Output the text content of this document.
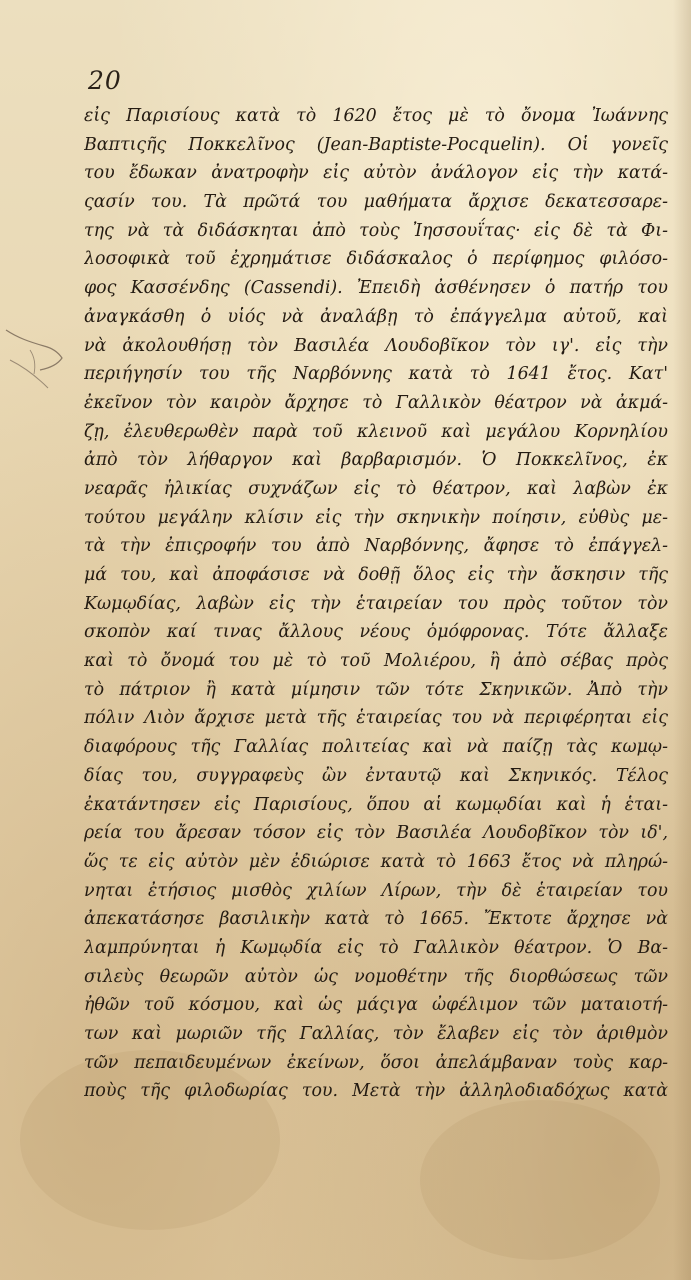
20
εἰς Παρισίους κατὰ τὸ 1620 ἔτος μὲ τὸ ὄνομα Ἰωάννης
Βαπτιςῆς Ποκκελῖνος (Jean-Baptiste-Pocquelin). Οἱ γονεῖς
του ἔδωκαν ἀνατροφὴν εἰς αὐτὸν ἀνάλογον εἰς τὴν κατά-
ςασίν του. Τὰ πρῶτά του μαθήματα ἄρχισε δεκατεσσαρε-
της νὰ τὰ διδάσκηται ἀπὸ τοὺς Ἰησσουΐτας· εἰς δὲ τὰ Φι-
λοσοφικὰ τοῦ ἐχρημάτισε διδάσκαλος ὁ περίφημος φιλόσο-
φος Κασσένδης (Cassendi). Ἐπειδὴ ἀσθένησεν ὁ πατήρ του
ἀναγκάσθη ὁ υἱός νὰ ἀναλάβῃ τὸ ἐπάγγελμα αὐτοῦ, καὶ
νὰ ἀκολουθήσῃ τὸν Βασιλέα Λουδοβῖκον τὸν ιγ'. εἰς τὴν
περιήγησίν του τῆς Ναρβόννης κατὰ τὸ 1641 ἔτος. Κατ'
ἐκεῖνον τὸν καιρὸν ἄρχησε τὸ Γαλλικὸν θέατρον νὰ ἀκμά-
ζῃ, ἐλευθερωθὲν παρὰ τοῦ κλεινοῦ καὶ μεγάλου Κορνηλίου
ἀπὸ τὸν λήθαργον καὶ βαρβαρισμόν. Ὁ Ποκκελῖνος, ἐκ
νεαρᾶς ἡλικίας συχνάζων εἰς τὸ θέατρον, καὶ λαβὼν ἐκ
τούτου μεγάλην κλίσιν εἰς τὴν σκηνικὴν ποίησιν, εὐθὺς με-
τὰ τὴν ἐπιςροφήν του ἀπὸ Ναρβόννης, ἄφησε τὸ ἐπάγγελ-
μά του, καὶ ἀποφάσισε νὰ δοθῇ ὅλος εἰς τὴν ἄσκησιν τῆς
Κωμῳδίας, λαβὼν εἰς τὴν ἑταιρείαν του πρὸς τοῦτον τὸν
σκοπὸν καί τινας ἄλλους νέους ὁμόφρονας. Τότε ἄλλαξε
καὶ τὸ ὄνομά του μὲ τὸ τοῦ Μολιέρου, ἢ ἀπὸ σέβας πρὸς
τὸ πάτριον ἢ κατὰ μίμησιν τῶν τότε Σκηνικῶν. Ἀπὸ τὴν
πόλιν Λιὸν ἄρχισε μετὰ τῆς ἑταιρείας του νὰ περιφέρηται εἰς
διαφόρους τῆς Γαλλίας πολιτείας καὶ νὰ παίζῃ τὰς κωμῳ-
δίας του, συγγραφεὺς ὢν ἐνταυτῷ καὶ Σκηνικός. Τέλος
ἐκατάντησεν εἰς Παρισίους, ὅπου αἱ κωμῳδίαι καὶ ἡ ἑται-
ρεία του ἄρεσαν τόσον εἰς τὸν Βασιλέα Λουδοβῖκον τὸν ιδ',
ὥς τε εἰς αὐτὸν μὲν ἐδιώρισε κατὰ τὸ 1663 ἔτος νὰ πληρώ-
νηται ἐτήσιος μισθὸς χιλίων Λίρων, τὴν δὲ ἑταιρείαν του
ἀπεκατάσησε βασιλικὴν κατὰ τὸ 1665. Ἔκτοτε ἄρχησε νὰ
λαμπρύνηται ἡ Κωμῳδία εἰς τὸ Γαλλικὸν θέατρον. Ὁ Βα-
σιλεὺς θεωρῶν αὐτὸν ὡς νομοθέτην τῆς διορθώσεως τῶν
ἠθῶν τοῦ κόσμου, καὶ ὡς μάςιγα ὠφέλιμον τῶν ματαιοτή-
των καὶ μωριῶν τῆς Γαλλίας, τὸν ἔλαβεν εἰς τὸν ἀριθμὸν
τῶν πεπαιδευμένων ἐκείνων, ὅσοι ἀπελάμβαναν τοὺς καρ-
ποὺς τῆς φιλοδωρίας του. Μετὰ τὴν ἀλληλοδιαδόχως κατὰ
